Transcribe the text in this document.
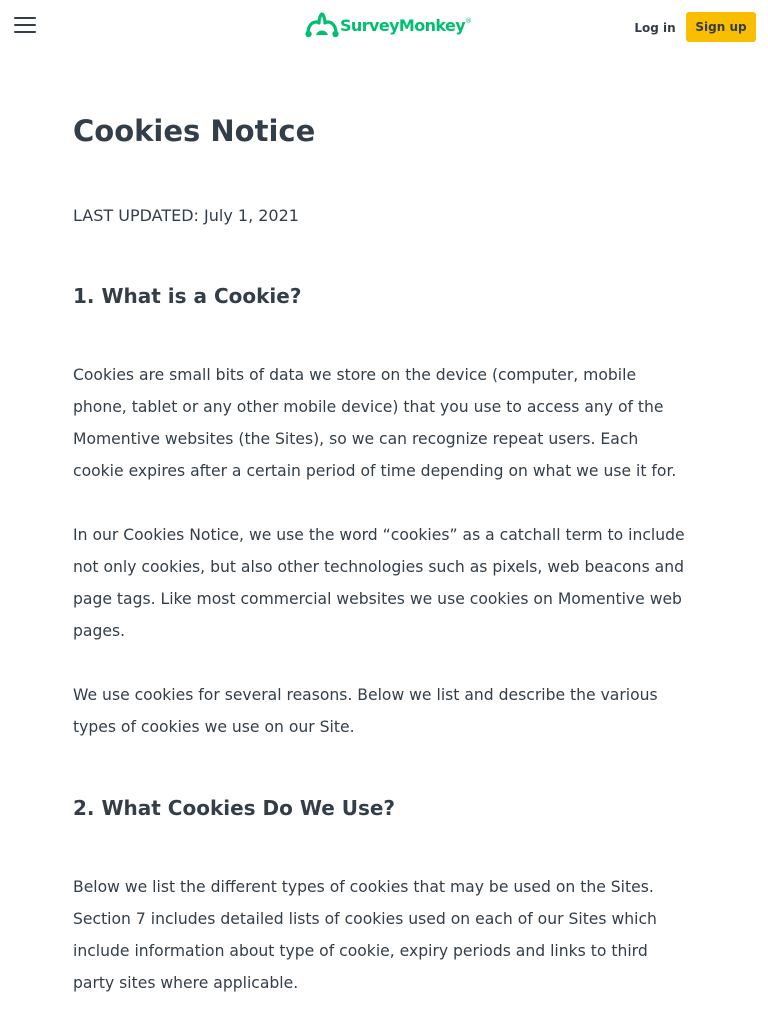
SurveyMonkey ®	Log in	Sign up
Cookies Notice

LAST UPDATED: July 1, 2021

1. What is a Cookie?

Cookies are small bits of data we store on the device (computer, mobile phone, tablet or any other mobile device) that you use to access any of the Momentive websites (the Sites), so we can recognize repeat users. Each cookie expires after a certain period of time depending on what we use it for.

In our Cookies Notice, we use the word “cookies” as a catchall term to include not only cookies, but also other technologies such as pixels, web beacons and page tags. Like most commercial websites we use cookies on Momentive web pages.

We use cookies for several reasons. Below we list and describe the various types of cookies we use on our Site.

2. What Cookies Do We Use?

Below we list the different types of cookies that may be used on the Sites. Section 7 includes detailed lists of cookies used on each of our Sites which include information about type of cookie, expiry periods and links to third party sites where applicable.
